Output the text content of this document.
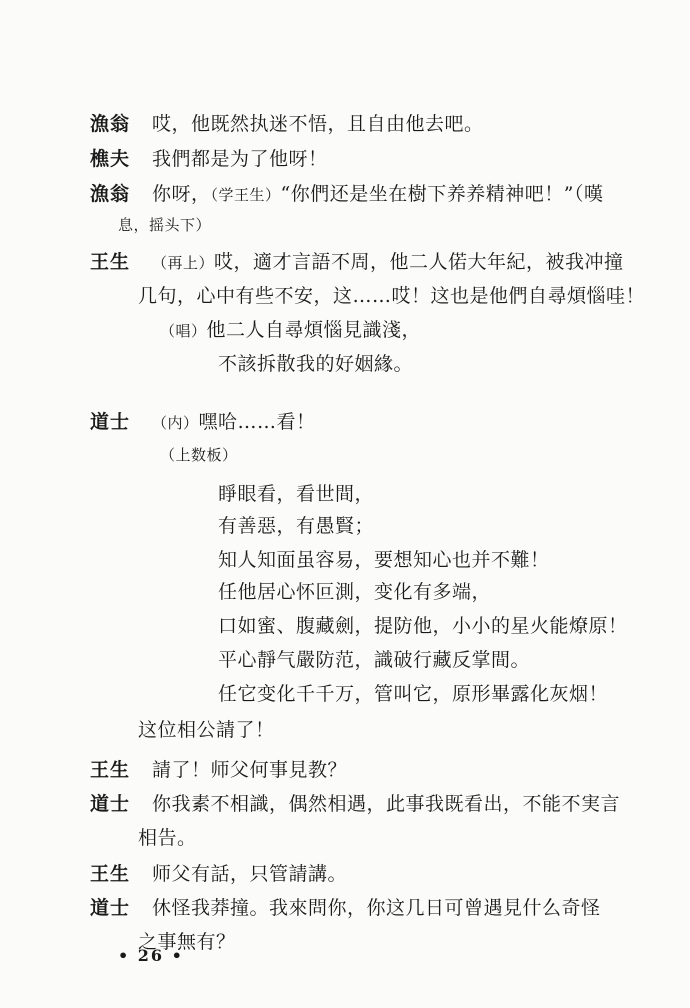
漁翁 哎，他既然执迷不悟，且自由他去吧。
樵夫 我們都是为了他呀！
漁翁 你呀，（学王生）“你們还是坐在樹下养养精神吧！”（嘆
息，摇头下）
王生 （再上）哎，適才言語不周，他二人偌大年紀，被我冲撞
几句，心中有些不安，这……哎！这也是他們自尋煩惱哇！
（唱）他二人自尋煩惱見識淺，
不該拆散我的好姻緣。
道士 （内）嘿哈……看！
（上数板）
睜眼看，看世間，
有善惡，有愚賢；
知人知面虽容易，要想知心也并不難！
任他居心怀叵測，变化有多端，
口如蜜、腹藏劍，提防他，小小的星火能燎原！
平心靜气嚴防范，識破行藏反掌間。
任它变化千千万，管叫它，原形畢露化灰烟！
这位相公請了！
王生 請了！师父何事見教？
道士 你我素不相識，偶然相遇，此事我既看出，不能不実言
相告。
王生 师父有話，只管請講。
道士 休怪我莽撞。我來問你，你这几日可曾遇見什么奇怪
之事無有？
• 26 •
